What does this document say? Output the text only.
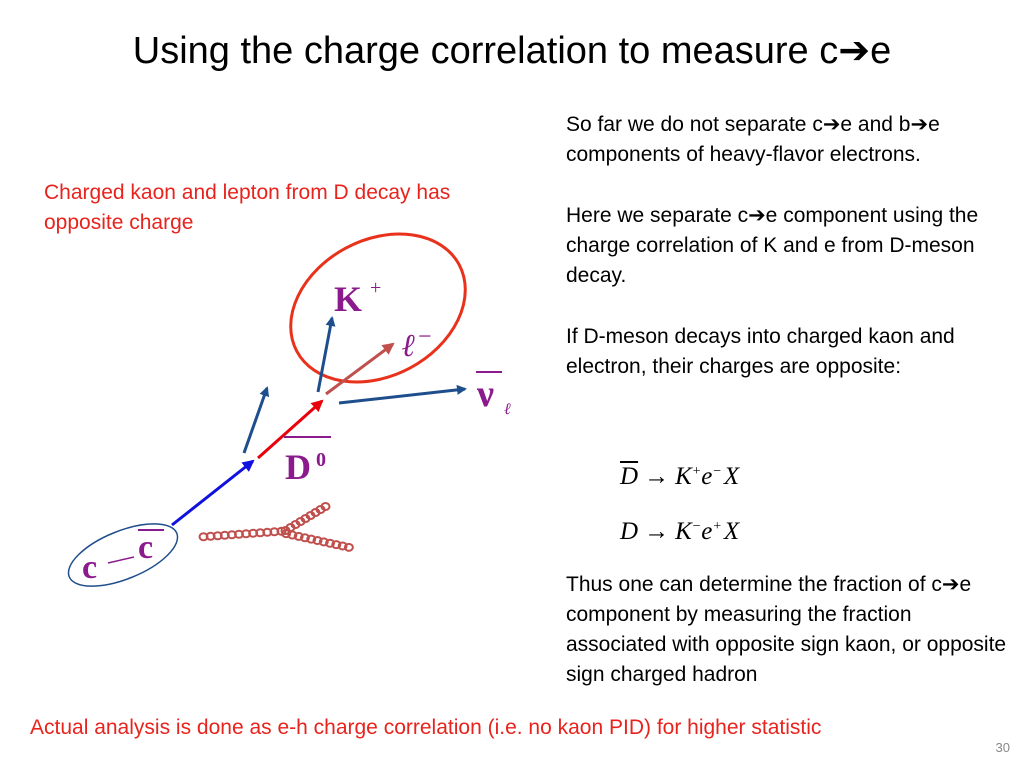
Using the charge correlation to measure c➔e
Charged kaon and lepton from D decay has opposite charge
K +
ℓ −
ν ℓ
D 0
c
c

So far we do not separate c➔e and b➔e components of heavy-flavor electrons.

Here we separate c➔e component using the charge correlation of K and e from D-meson decay.

If D-meson decays into charged kaon and electron, their charges are opposite:

$\overline{D} \to K^+e^-$ X
D → K−e+ X

Thus one can determine the fraction of c➔e component by measuring the fraction associated with opposite sign kaon, or opposite sign charged hadron

Actual analysis is done as e-h charge correlation (i.e. no kaon PID) for higher statistic
30
